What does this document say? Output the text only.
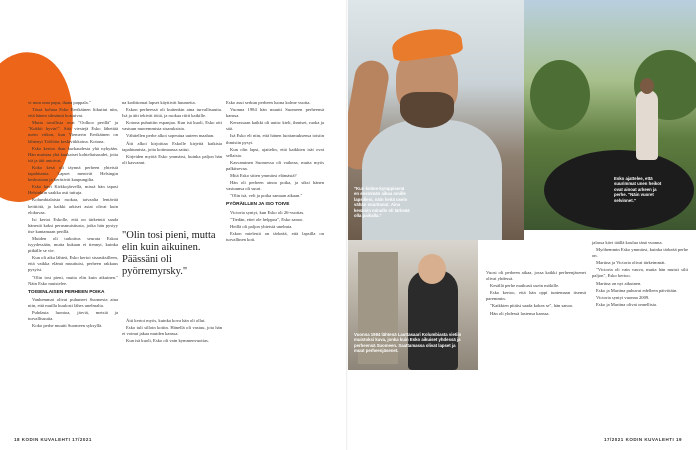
vi mun oma papu, ihana pappala."

Tässä kohtaa Esko Eerikäinen liikuttui niin, että hänen silmänsä kostuivat.

Mutta tavallisia ovat "Oolkoo perillä" ja "Kukkii hyvin!". Sitä viestejä Esko lähettää usein viikon, kun Viemerin Eerikäinen on lähtenyt Töölöön keskiviikkoina. Kotona.

Esko kertoo ihan kurkaudesta yhä nykyään. Hän muistaa yhä kaukaiset kohteliaisuudet, joita isä ja äiti antoivat.

Koko kesä oli täynnä perheen yhteisiä tapahtumia. Lapset menivät Helsingin keskustaan ja keräsivät kaupungilta.

Esko kävi Kirkkojärvellä, missä hän tapasi Helsinkiin saakka asti tuttuja.

Kolumbialaista ruokaa, taivaalta lentävää keittiötä, ja kaikki arkiset asiat olivat kuin elokuvaa.

Isi kertoi Eskolle, että on tärkeintä saada hänestä kaksi perusmuisitusta, jotka hän pystyy itse kantamaan perillä.

Muiden oli tarkoitus seurata Eskoa isyydessään, mutta kukaan ei tiennyt, kuinka pitkälle se vie.

Kun oli aika lähteä, Esko kertoi sisaruksilleen, että vaikka elämä muuttuisi, perheen rakkaus pysyisi.

"Olin tosi pieni, mutta elin kuin aikuinen." Näin Esko muistelee.

TOISENLAISEN PERHEEN POIKA

Vanhemmat olivat puhuneet Suomesta aina niin, että muilla kuulosti lähes unelmalta.

Puhdasta luontoa, järviä, metsiä ja turvallisuutta.

Koko perhe muutti Suomeen syksyllä.

na kodittomat lapset käyttivät huumeita.

Eskon perheessä oli kuitenkin aina turvallisuutta. Isä ja äiti tekivät töitä, ja ruokaa riitti kaikille.

Kotona puhuttiin espanjaa. Kun isä kuoli, Esko otti vastuun nuoremmista sisaruksista.

Vähitellen perhe alkoi sopeutua uuteen maahan.

Äiti alkoi kirjoittaa Eskolle kirjeitä kaikista tapahtumista, joita kotimaassa sattui.

Kirjeiden myötä Esko ymmärsi, kuinka paljon hän oli kasvanut.

"Olin tosi pieni, mutta elin kuin aikuinen. Päässäni oli pyörremyrsky."

Äiti kertoi myös, kuinka kova hän oli ollut.

Esko tuli silloin kotiin. Hänellä oli vastuu, jota hän ei voinut jakaa muiden kanssa.

Kun isä kuoli, Esko oli vain kymmenvuotias.

Esko asui serkun perheen luona kolme vuotta.

Vuonna 1984 hän muutti Suomeen perheensä kanssa.

Kerrassaan kaikki oli uutta: kieli, ihmiset, ruoka ja sää.

Isä Esko eli niin, että hänen luottamuksensa toisiin ihmisiin pysyi.

Kun olin lapsi, ajattelin, että kaikkien isät ovat sellaisia.

Kasvaminen Suomessa oli vaikeaa, mutta myös palkitsevaa.

Mitä Esko sitten ymmärsi elämästä?

Hän oli perheen ainoa poika, ja siksi hänen vastuunsa oli suuri.

"Olin isä, veli ja poika samaan aikaan."

PYÖRÄILLEN JA ISO TOIVE

Victoria syntyi, kun Esko oli 26-vuotias.

"Tiedän, ettei ole helppoa", Esko sanoo.

Heillä oli paljon yhteisiä unelmia.

Eskon mielestä on tärkeää, että lapsilla on turvallinen koti.

18 KODIN KUVALEHTI 17/2021
"Kun kolme-kymppisenä en enemmän aikaa omille lapsilleni, näin heitä usein vähän muuttanut. Aina keväisin minulle oli tärkeää olla paikalla."
Esko ajattelee, että suurimmat unen heikot ovat ainoat arkeen ja perhe. "Näin vuoret selvinnet."
Vuonna 1984 lähtenä Lauttasaari Kolumbiasta vietiin muistoksi kuva, jonka kuin Esko aikuiset yhdessä ja perheensä Suomeen. Saattamassa olivat lapset ja muut perheenjäsenet.

Vuosi oli perheen aikaa, jossa kaikki perheenjäsenet olivat yhdessä.

Kesällä perhe matkusti usein mökille.

Esko kertoo, että hän oppi tuntemaan itsensä paremmin.

"Kaikkien pitäisi saada kokea se", hän sanoo.

Hän oli yhdessä lastensa kanssa.

jalassa kävi täällä koulua tänä vuonna.

Myöhemmin Esko ymmärsi, kuinka tärkeää perhe on.

Martina ja Victoria olivat tärkeimmät.

"Victoria oli vain vauva, mutta hän muisti silti paljon", Esko kertoo.

Martina on nyt aikuinen.

Esko ja Martina puhuvat edelleen päivittäin.

Victoria syntyi vuonna 2009.

Esko ja Martina olivat onnellisia.

17/2021 KODIN KUVALEHTI 19
